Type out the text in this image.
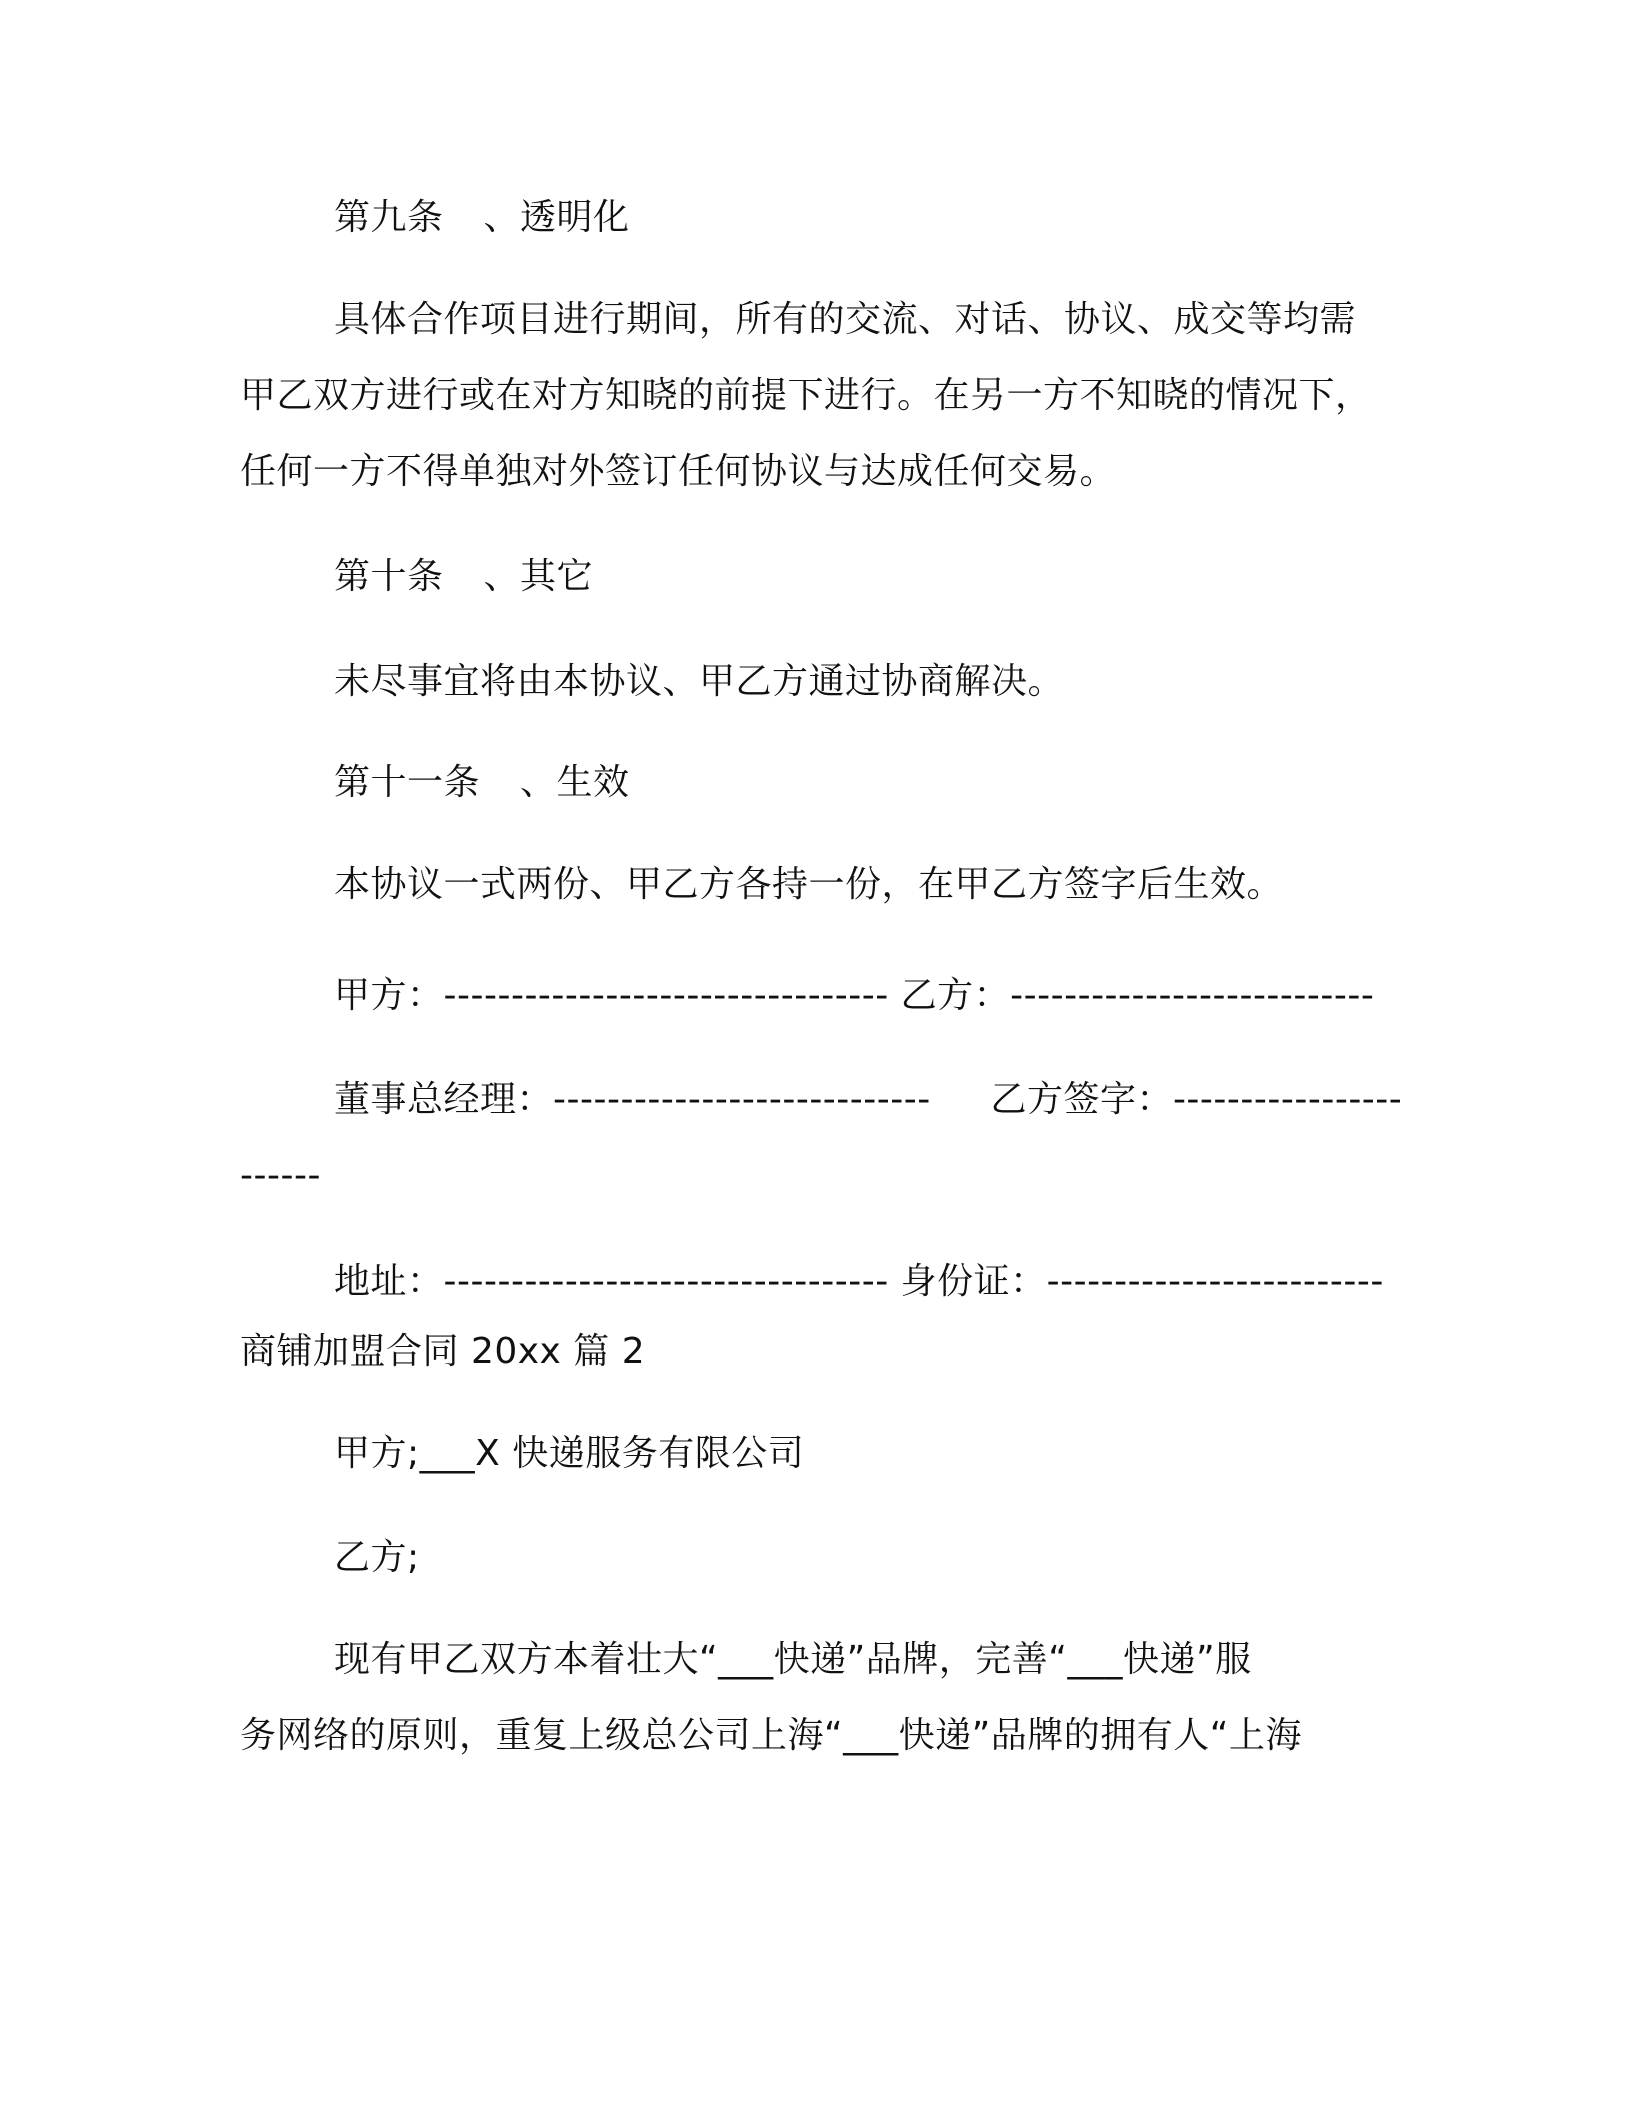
第九条 、透明化
具体合作项目进行期间，所有的交流、对话、协议、成交等均需
甲乙双方进行或在对方知晓的前提下进行。在另一方不知晓的情况下，
任何一方不得单独对外签订任何协议与达成任何交易。
第十条 、其它
未尽事宜将由本协议、甲乙方通过协商解决。
第十一条 、生效
本协议一式两份、甲乙方各持一份，在甲乙方签字后生效。
甲方：--------------------------------- 乙方：---------------------------
董事总经理：----------------------------     乙方签字：-----------------
------
地址：--------------------------------- 身份证：-------------------------
商铺加盟合同 20xx 篇 2
甲方;___X 快递服务有限公司
乙方;
现有甲乙双方本着壮大“___快递”品牌，完善“___快递”服
务网络的原则，重复上级总公司上海“___快递”品牌的拥有人“上海
